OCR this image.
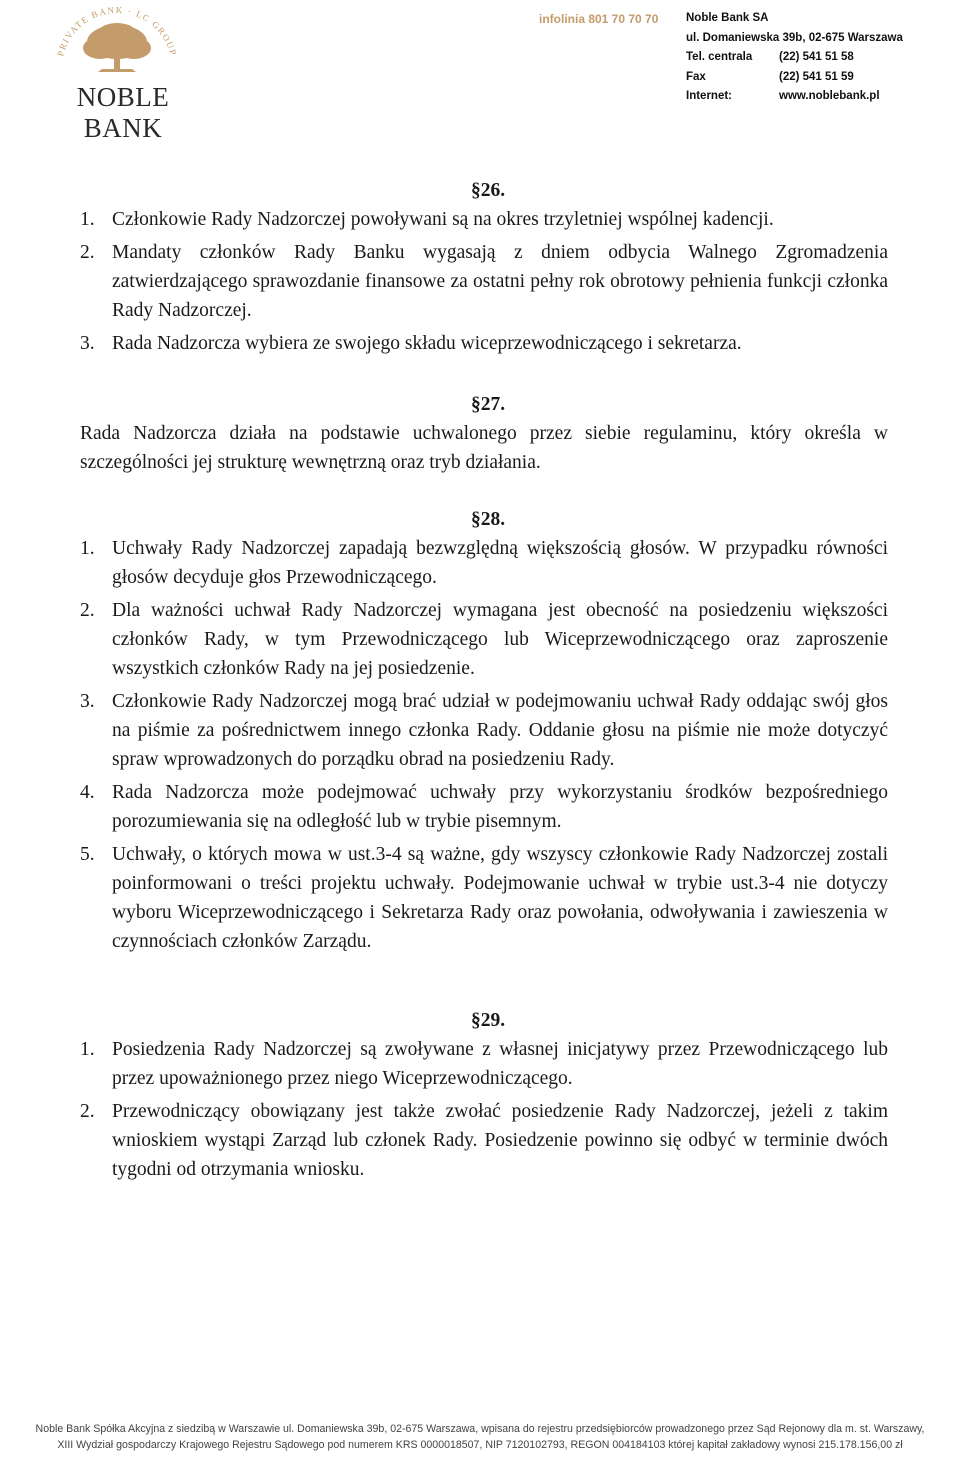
PRIVATE BANK · LC GROUP
NOBLE BANK
infolinia 801 70 70 70 Noble Bank SA
ul. Domaniewska 39b, 02-675 Warszawa
Tel. centrala (22) 541 51 58
Fax	(22) 541 51 59
Internet:	www.noblebank.pl
§26.
1. Członkowie Rady Nadzorczej powoływani są na okres trzyletniej wspólnej kadencji.
2. Mandaty członków Rady Banku wygasają z dniem odbycia Walnego Zgromadzenia zatwierdzającego sprawozdanie finansowe za ostatni pełny rok obrotowy pełnienia funkcji członka Rady Nadzorczej.
3. Rada Nadzorcza wybiera ze swojego składu wiceprzewodniczącego i sekretarza.
§27.
Rada Nadzorcza działa na podstawie uchwalonego przez siebie regulaminu, który określa w szczególności jej strukturę wewnętrzną oraz tryb działania.
§28.
1. Uchwały Rady Nadzorczej zapadają bezwzględną większością głosów. W przypadku równości głosów decyduje głos Przewodniczącego.
2. Dla ważności uchwał Rady Nadzorczej wymagana jest obecność na posiedzeniu większości członków Rady, w tym Przewodniczącego lub Wiceprzewodniczącego oraz zaproszenie wszystkich członków Rady na jej posiedzenie.
3. Członkowie Rady Nadzorczej mogą brać udział w podejmowaniu uchwał Rady oddając swój głos na piśmie za pośrednictwem innego członka Rady. Oddanie głosu na piśmie nie może dotyczyć spraw wprowadzonych do porządku obrad na posiedzeniu Rady.
4. Rada Nadzorcza może podejmować uchwały przy wykorzystaniu środków bezpośredniego porozumiewania się na odległość lub w trybie pisemnym.
5. Uchwały, o których mowa w ust.3-4 są ważne, gdy wszyscy członkowie Rady Nadzorczej zostali poinformowani o treści projektu uchwały. Podejmowanie uchwał w trybie ust.3-4 nie dotyczy wyboru Wiceprzewodniczącego i Sekretarza Rady oraz powołania, odwoływania i zawieszenia w czynnościach członków Zarządu.
§29.
1. Posiedzenia Rady Nadzorczej są zwoływane z własnej inicjatywy przez Przewodniczącego lub przez upoważnionego przez niego Wiceprzewodniczącego.
2. Przewodniczący obowiązany jest także zwołać posiedzenie Rady Nadzorczej, jeżeli z takim wnioskiem wystąpi Zarząd lub członek Rady. Posiedzenie powinno się odbyć w terminie dwóch tygodni od otrzymania wniosku.
Noble Bank Spółka Akcyjna z siedzibą w Warszawie ul. Domaniewska 39b, 02-675 Warszawa, wpisana do rejestru przedsiębiorców prowadzonego przez Sąd Rejonowy dla m. st. Warszawy,
XIII Wydział gospodarczy Krajowego Rejestru Sądowego pod numerem KRS 0000018507, NIP 7120102793, REGON 004184103 której kapitał zakładowy wynosi 215.178.156,00 zł
